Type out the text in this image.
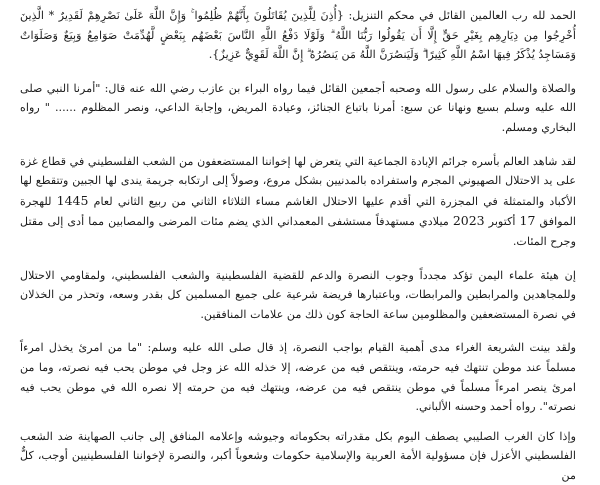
الحمد لله رب العالمين القائل في محكم التنزيل: {أُذِنَ لِلَّذِينَ يُقَاتَلُونَ بِأَنَّهُمْ ظُلِمُوا ۚ وَإِنَّ اللَّهَ عَلَىٰ نَصْرِهِمْ لَقَدِيرٌ * الَّذِينَ أُخْرِجُوا مِن دِيَارِهِم بِغَيْرِ حَقٍّ إِلَّا أَن يَقُولُوا رَبُّنَا اللَّهُ ۗ وَلَوْلَا دَفْعُ اللَّهِ النَّاسَ بَعْضَهُم بِبَعْضٍ لَّهُدِّمَتْ صَوَامِعُ وَبِيَعٌ وَصَلَوَاتٌ وَمَسَاجِدُ يُذْكَرُ فِيهَا اسْمُ اللَّهِ كَثِيرًا ۗ وَلَيَنصُرَنَّ اللَّهُ مَن يَنصُرُهُ ۗ إِنَّ اللَّهَ لَقَوِيٌّ عَزِيزٌ}.

والصلاة والسلام على رسول الله وصحبه أجمعين القائل فيما رواه البراء بن عازب رضي الله عنه قال: "أمرنا النبي صلى الله عليه وسلم بسبع ونهانا عن سبع: أمرنا باتباع الجنائز، وعيادة المريض، وإجابة الداعي، ونصر المظلوم ...... " رواه البخاري ومسلم.

لقد شاهد العالم بأسره جرائم الإبادة الجماعية التي يتعرض لها إخواننا المستضعفون من الشعب الفلسطيني في قطاع غزة على يد الاحتلال الصهيوني المجرم واستفراده بالمدنيين بشكل مروع، وصولاً إلى ارتكابه جريمة يندى لها الجبين وتتقطع لها الأكباد والمتمثلة في المجزرة التي أقدم عليها الاحتلال الغاشم مساء الثلاثاء الثاني من ربيع الثاني لعام 1445 للهجرة الموافق 17 أكتوبر 2023 ميلادي مستهدفاً مستشفى المعمداني الذي يضم مئات المرضى والمصابين مما أدى إلى مقتل وجرح المئات.

إن هيئة علماء اليمن تؤكد مجدداً وجوب النصرة والدعم للقضية الفلسطينية والشعب الفلسطيني، ولمقاومي الاحتلال وللمجاهدين والمرابطين والمرابطات، وباعتبارها فريضة شرعية على جميع المسلمين كل بقدر وسعه، وتحذر من الخذلان في نصرة المستضعفين والمظلومين ساعة الحاجة كون ذلك من علامات المنافقين.

ولقد بينت الشريعة الغراء مدى أهمية القيام بواجب النصرة، إذ قال صلى الله عليه وسلم: "ما من امرئ يخذل امرءاً مسلماً عند موطن تنتهك فيه حرمته، وينتقص فيه من عرضه، إلا خذله الله عز وجل في موطن يحب فيه نصرته، وما من امرئ ينصر امرءاً مسلماً في موطن ينتقص فيه من عرضه، وينتهك فيه من حرمته إلا نصره الله في موطن يحب فيه نصرته". رواه أحمد وحسنه الألباني.

وإذا كان الغرب الصليبي يصطف اليوم بكل مقدراته بحكوماته وجيوشه وإعلامه المنافق إلى جانب الصهاينة ضد الشعب الفلسطيني الأعزل فإن مسؤولية الأمة العربية والإسلامية حكومات وشعوباً أكبر، والنصرة لإخواننا الفلسطينيين أوجب، كلٌّ من
